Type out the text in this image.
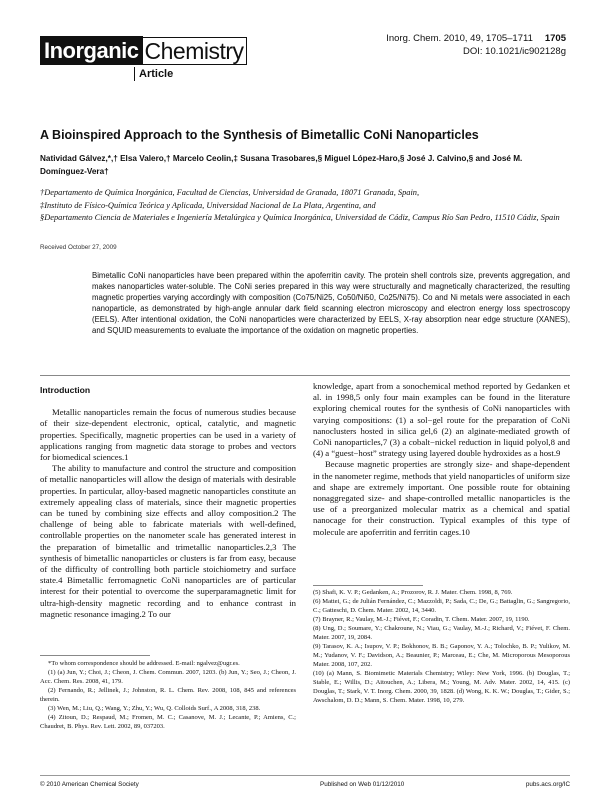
Inorganic Chemistry
Article
Inorg. Chem. 2010, 49, 1705–1711 1705
DOI: 10.1021/ic902128g
A Bioinspired Approach to the Synthesis of Bimetallic CoNi Nanoparticles
Natividad Gálvez,*,† Elsa Valero,† Marcelo Ceolin,‡ Susana Trasobares,§ Miguel López-Haro,§ José J. Calvino,§ and José M. Domínguez-Vera†

†Departamento de Química Inorgánica, Facultad de Ciencias, Universidad de Granada, 18071 Granada, Spain,

‡Instituto de Físico-Química Teórica y Aplicada, Universidad Nacional de La Plata, Argentina, and

§Departamento Ciencia de Materiales e Ingeniería Metalúrgica y Química Inorgánica, Universidad de Cádiz, Campus Río San Pedro, 11510 Cádiz, Spain

Received October 27, 2009
Bimetallic CoNi nanoparticles have been prepared within the apoferritin cavity. The protein shell controls size, prevents aggregation, and makes nanoparticles water-soluble. The CoNi series prepared in this way were structurally and magnetically characterized, the resulting magnetic properties varying accordingly with composition (Co75/Ni25, Co50/Ni50, Co25/Ni75). Co and Ni metals were associated in each nanoparticle, as demonstrated by high-angle annular dark field scanning electron microscopy and electron energy loss spectroscopy (EELS). After intentional oxidation, the CoNi nanoparticles were characterized by EELS, X-ray absorption near edge structure (XANES), and SQUID measurements to evaluate the importance of the oxidation on magnetic properties.
Introduction

Metallic nanoparticles remain the focus of numerous studies because of their size-dependent electronic, optical, catalytic, and magnetic properties. Specifically, magnetic properties can be used in a variety of applications ranging from magnetic data storage to probes and vectors for biomedical sciences.1

The ability to manufacture and control the structure and composition of metallic nanoparticles will allow the design of materials with desirable properties. In particular, alloy-based magnetic nanoparticles constitute an extremely appealing class of materials, since their magnetic properties can be tuned by combining size effects and alloy composition.2 The challenge of being able to fabricate materials with well-defined, controllable properties on the nanometer scale has generated interest in the preparation of bimetallic and trimetallic nanoparticles.2,3 The synthesis of bimetallic nanoparticles or clusters is far from easy, because of the difficulty of controlling both particle stoichiometry and surface state.4 Bimetallic ferromagnetic CoNi nanoparticles are of particular interest for their potential to overcome the superparamagnetic limit for ultra-high-density magnetic recording and to enhance contrast in magnetic resonance imaging.2 To our

knowledge, apart from a sonochemical method reported by Gedanken et al. in 1998,5 only four main examples can be found in the literature exploring chemical routes for the synthesis of CoNi nanoparticles with varying compositions: (1) a sol−gel route for the preparation of CoNi nanoclusters hosted in silica gel,6 (2) an alginate-mediated growth of CoNi nanoparticles,7 (3) a cobalt−nickel reduction in liquid polyol,8 and (4) a “guest−host” strategy using layered double hydroxides as a host.9

Because magnetic properties are strongly size- and shape-dependent in the nanometer regime, methods that yield nanoparticles of uniform size and shape are extremely important. One possible route for obtaining nonaggregated size- and shape-controlled metallic nanoparticles is the use of a preorganized molecular matrix as a chemical and spatial nanocage for their construction. Typical examples of this type of molecule are apoferritin and ferritin cages.10

*To whom correspondence should be addressed. E-mail: ngalvez@ugr.es.

(1) (a) Jun, Y.; Choi, J.; Cheon, J. Chem. Commun. 2007, 1203. (b) Jun, Y.; Seo, J.; Cheon, J. Acc. Chem. Res. 2008, 41, 179.

(2) Fernando, R.; Jellinek, J.; Johnston, R. L. Chem. Rev. 2008, 108, 845 and references therein.

(3) Wen, M.; Liu, Q.; Wang, Y.; Zhu, Y.; Wu, Q. Colloids Surf., A 2008, 318, 238.

(4) Zitoun, D.; Respaud, M.; Fromen, M. C.; Casanove, M. J.; Lecante, P.; Amiens, C.; Chaudret, B. Phys. Rev. Lett. 2002, 89, 037203.

(5) Shafi, K. V. P.; Gedanken, A.; Prozorov, R. J. Mater. Chem. 1998, 8, 769.

(6) Mattei, G.; de Julián Fernández, C.; Mazzoldi, P.; Sada, C.; De, G.; Battaglin, G.; Sangregorio, C.; Gatteschi, D. Chem. Mater. 2002, 14, 3440.

(7) Brayner, R.; Vaulay, M.-J.; Fiévet, F.; Coradin, T. Chem. Mater. 2007, 19, 1190.

(8) Ung, D.; Soumare, Y.; Chakroune, N.; Viau, G.; Vaulay, M.-J.; Richard, V.; Fiévet, F. Chem. Mater. 2007, 19, 2084.

(9) Tarasov, K. A.; Isupov, V. P.; Bokhonov, B. B.; Gaponov, Y. A.; Tolochko, B. P.; Yulikov, M. M.; Yudanov, V. F.; Davidson, A.; Beaunier, P.; Marceau, E.; Che, M. Microporous Mesoporous Mater. 2008, 107, 202.

(10) (a) Mann, S. Biomimetic Materials Chemistry; Wiley: New York, 1996. (b) Douglas, T.; Stable, E.; Willis, D.; Aitouchen, A.; Libera, M.; Young, M. Adv. Mater. 2002, 14, 415. (c) Douglas, T.; Stark, V. T. Inorg. Chem. 2000, 39, 1828. (d) Wong, K. K. W.; Douglas, T.; Gider, S.; Awschalom, D. D.; Mann, S. Chem. Mater. 1998, 10, 279.

© 2010 American Chemical Society	Published on Web 01/12/2010	pubs.acs.org/IC
